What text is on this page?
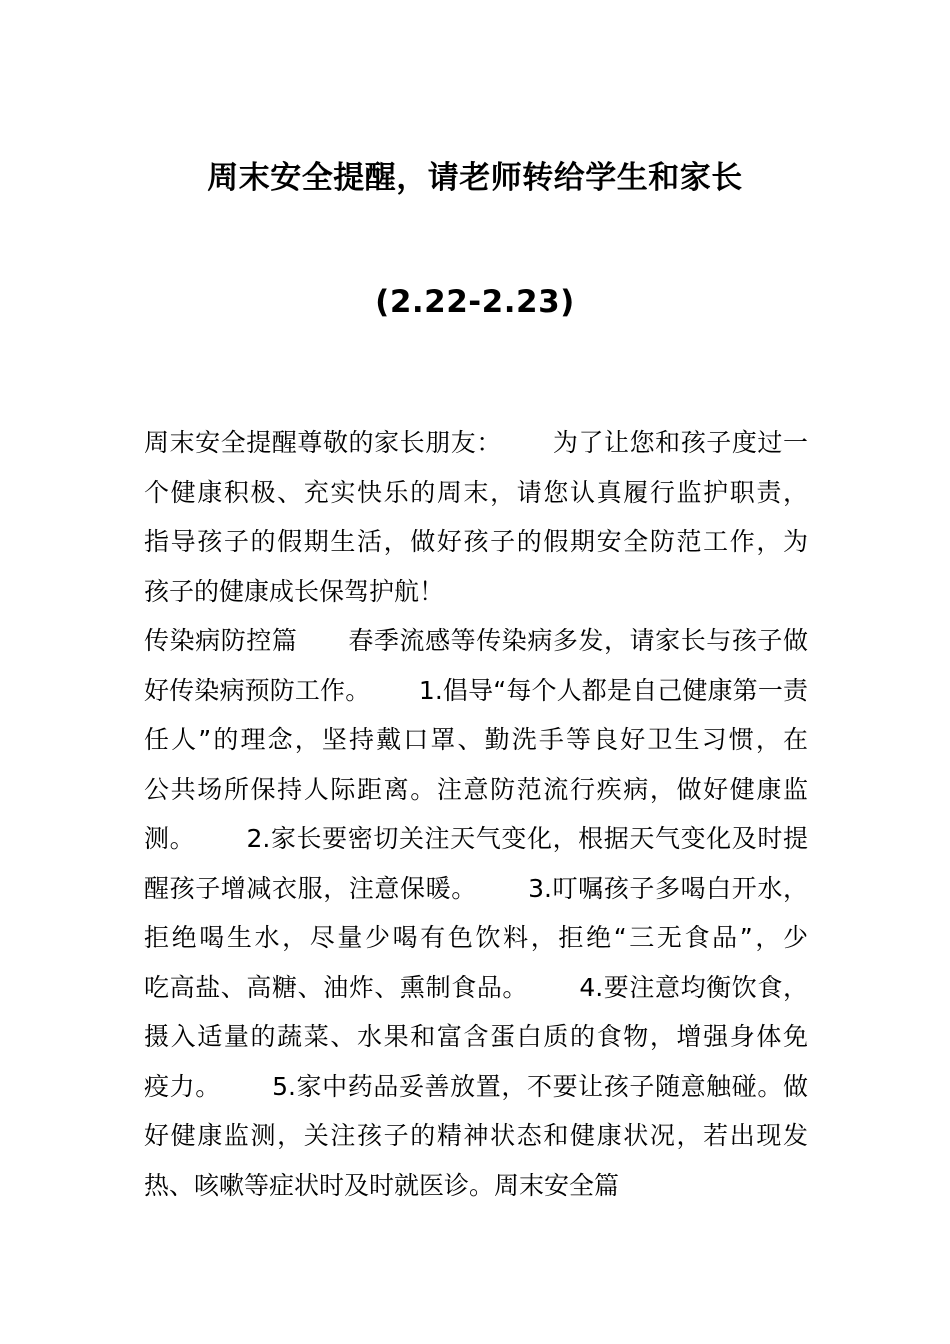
周末安全提醒，请老师转给学生和家长
(2.22-2.23)

周末安全提醒尊敬的家长朋友：      为了让您和孩子度过一

个健康积极、充实快乐的周末，请您认真履行监护职责，

指导孩子的假期生活，做好孩子的假期安全防范工作，为

孩子的健康成长保驾护航！

传染病防控篇      春季流感等传染病多发，请家长与孩子做

好传染病预防工作。      1.倡导“每个人都是自己健康第一责

任人”的理念，坚持戴口罩、勤洗手等良好卫生习惯，在

公共场所保持人际距离。注意防范流行疾病，做好健康监

测。      2.家长要密切关注天气变化，根据天气变化及时提

醒孩子增减衣服，注意保暖。      3.叮嘱孩子多喝白开水，

拒绝喝生水，尽量少喝有色饮料，拒绝“三无食品”，少

吃高盐、高糖、油炸、熏制食品。      4.要注意均衡饮食，

摄入适量的蔬菜、水果和富含蛋白质的食物，增强身体免

疫力。      5.家中药品妥善放置，不要让孩子随意触碰。做

好健康监测，关注孩子的精神状态和健康状况，若出现发

热、咳嗽等症状时及时就医诊。周末安全篇
